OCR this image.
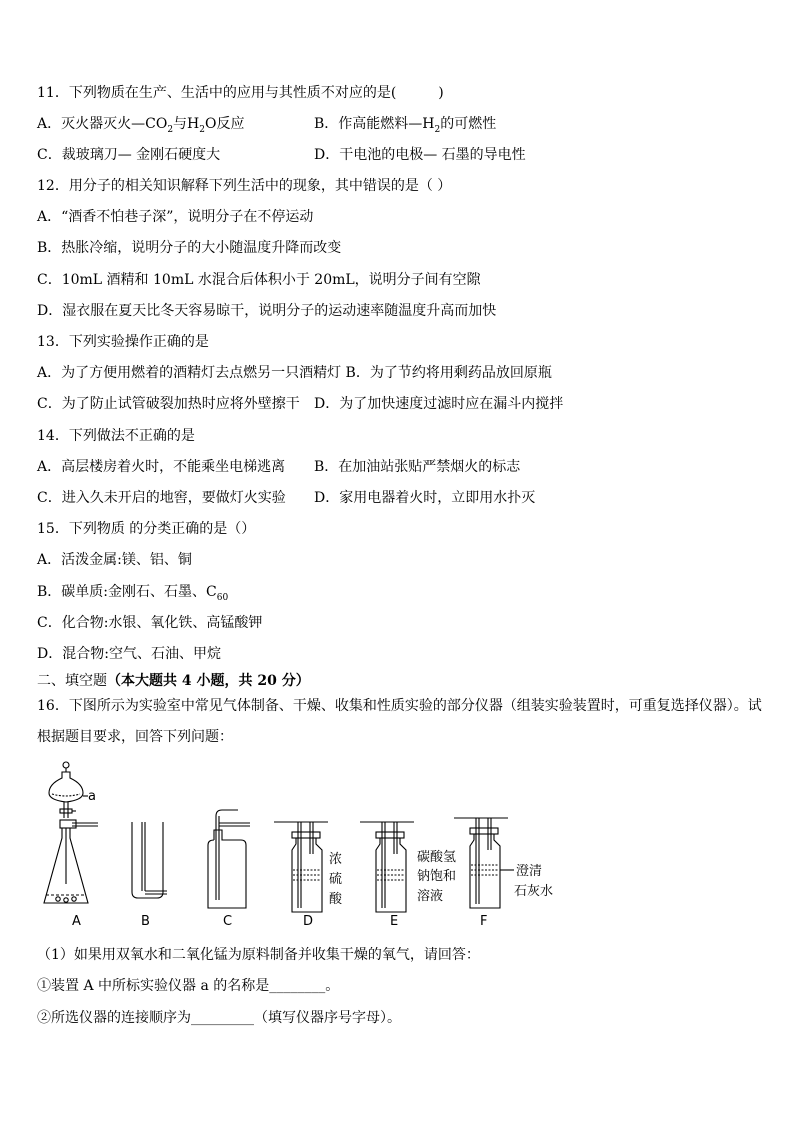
11．下列物质在生产、生活中的应用与其性质不对应的是(　　　)
A．灭火器灭火$—CO_2$与$H_2O$反应	B．作高能燃料$—H_2$的可燃性
C．裁玻璃刀— 金刚石硬度大	D．干电池的电极— 石墨的导电性
12．用分子的相关知识解释下列生活中的现象，其中错误的是（ ）
A．“酒香不怕巷子深”，说明分子在不停运动
B．热胀冷缩，说明分子的大小随温度升降而改变
C．10mL 酒精和 10mL 水混合后体积小于 20mL，说明分子间有空隙
D．湿衣服在夏天比冬天容易晾干，说明分子的运动速率随温度升高而加快
13．下列实验操作正确的是
A．为了方便用燃着的酒精灯去点燃另一只酒精灯 B．为了节约将用剩药品放回原瓶
C．为了防止试管破裂加热时应将外壁擦干 D．为了加快速度过滤时应在漏斗内搅拌
14．下列做法不正确的是
A．高层楼房着火时，不能乘坐电梯逃离 B．在加油站张贴严禁烟火的标志
C．进入久未开启的地窖，要做灯火实验 D．家用电器着火时，立即用水扑灭
15．下列物质 的分类正确的是（）
A．活泼金属:镁、铝、铜
B．碳单质:金刚石、石墨、$C_{60}$
C．化合物:水银、氧化铁、高锰酸钾
D．混合物:空气、石油、甲烷
二、填空题（本大题共 4 小题，共 20 分）
16．下图所示为实验室中常见气体制备、干燥、收集和性质实验的部分仪器（组装实验装置时，可重复选择仪器）。试
根据题目要求，回答下列问题：
a
A	B	C	D	E	F
浓
硫
酸
碳酸氢
钠饱和
溶液
澄清
石灰水
（1）如果用双氧水和二氧化锰为原料制备并收集干燥的氧气，请回答：
①装置 A 中所标实验仪器 a 的名称是________。
②所选仪器的连接顺序为_________（填写仪器序号字母）。
